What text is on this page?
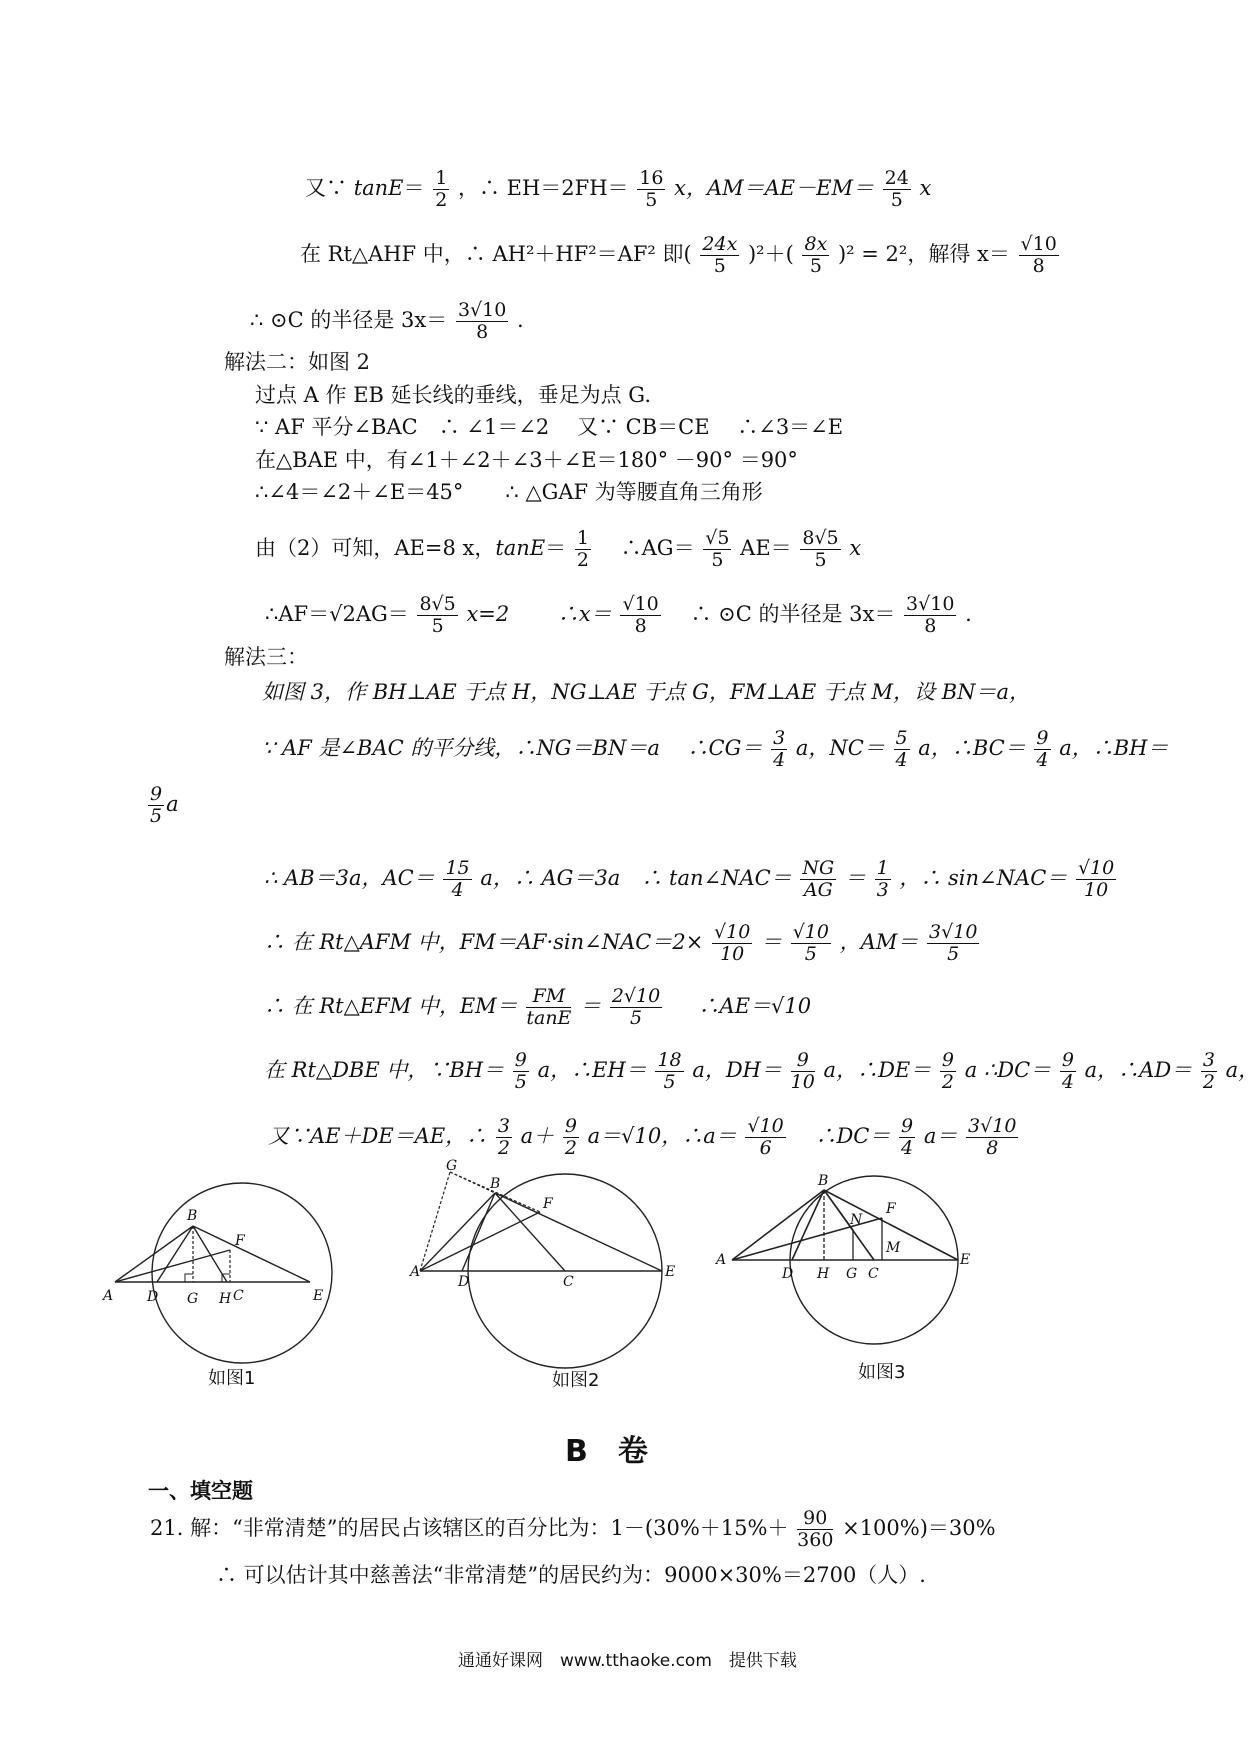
又∵ $\tan E= \frac{1}{2}$ ，∴ $EH=2FH= \frac{16}{5}$ x，$AM=AE-EM= \frac{24}{5}$ x
在 Rt△AHF 中，∴ AH²＋HF²＝AF² 即( $\frac{24x}{5} )^2+( \frac{8x}{5} )^2 = 2^2$，解得 $x= \frac{√10}{8}$
∴ ⊙C 的半径是 $3x= \frac{3√10}{8}$ .
解法二：如图 2
过点 A 作 EB 延长线的垂线，垂足为点 G.
∵ AF 平分∠BAC　∴ ∠1＝∠2　 又∵ CB＝CE　 ∴∠3＝∠E
在△BAE 中，有∠1＋∠2＋∠3＋∠E＝180° －90° ＝90°
∴∠4＝∠2＋∠E＝45°　　∴ △GAF 为等腰直角三角形
由（2）可知，AE=8 x，$\tan E= \frac{1}{2}$ 　∴AG＝ $\frac{√5}{5} AE= \frac{8√5}{5}$ x
∴AF＝√2AG＝ $\frac{8√5}{5} x=2$　　 ∴x＝ $\frac{√10}{8}$ 　∴ ⊙C 的半径是 $3x= \frac{3√10}{8}$ .
解法三：
如图 3，作 BH⊥AE 于点 H，NG⊥AE 于点 G，FM⊥AE 于点 M，设 BN＝a，
∵ AF 是∠BAC 的平分线，∴NG＝BN＝a　 ∴CG＝ $\frac{3}{4}$ a，$NC= \frac{5}{4}$ a，∴BC＝ $\frac{9}{4}$ a，∴BH＝
$\frac{9}{5}$ a
∴ AB＝3a，$AC= \frac{15}{4}$ a，∴ AG＝3a　∴ tan∠NAC＝ $\frac{NG}{AG} = \frac{1}{3}$ ，∴ sin∠NAC＝ $\frac{√10}{10}$
∴ 在 Rt△AFM 中，FM＝AF·sin∠NAC＝2× $\frac{√10}{10} = \frac{√10}{5}$ ，$AM= \frac{3√10}{5}$
∴ 在 Rt△EFM 中，$EM= \frac{FM}{\tan E} = \frac{2√10}{5}$ 　 ∴AE＝√10
在 Rt△DBE 中，∵BH＝ $\frac{9}{5}$ a，∴EH＝ $\frac{18}{5}$ a，$DH= \frac{9}{10}$ a，∴DE＝ $\frac{9}{2}$ a ∴DC＝ $\frac{9}{4}$ a，∴AD＝ $\frac{3}{2}$ a，
又∵AE＋DE＝AE，∴ $\frac{3}{2} a+ \frac{9}{2} a=√10$，∴a＝ $\frac{√10}{6}$ 　∴DC＝ $\frac{9}{4} a= \frac{3√10}{8}$
A
B
D G H C	E
F
如图1
G
B
F
A
D	C
E
如图2
B
N
F
A
M
D H G C
E
如图3
B　卷
一、填空题
21. 解：“非常清楚”的居民占该辖区的百分比为：$1-(30\%+15\%+ \frac{90}{360} \times 100\%)=30\%$
∴ 可以估计其中慈善法“非常清楚”的居民约为：9000×30%＝2700（人）.
通通好课网　www.tthaoke.com　提供下载
